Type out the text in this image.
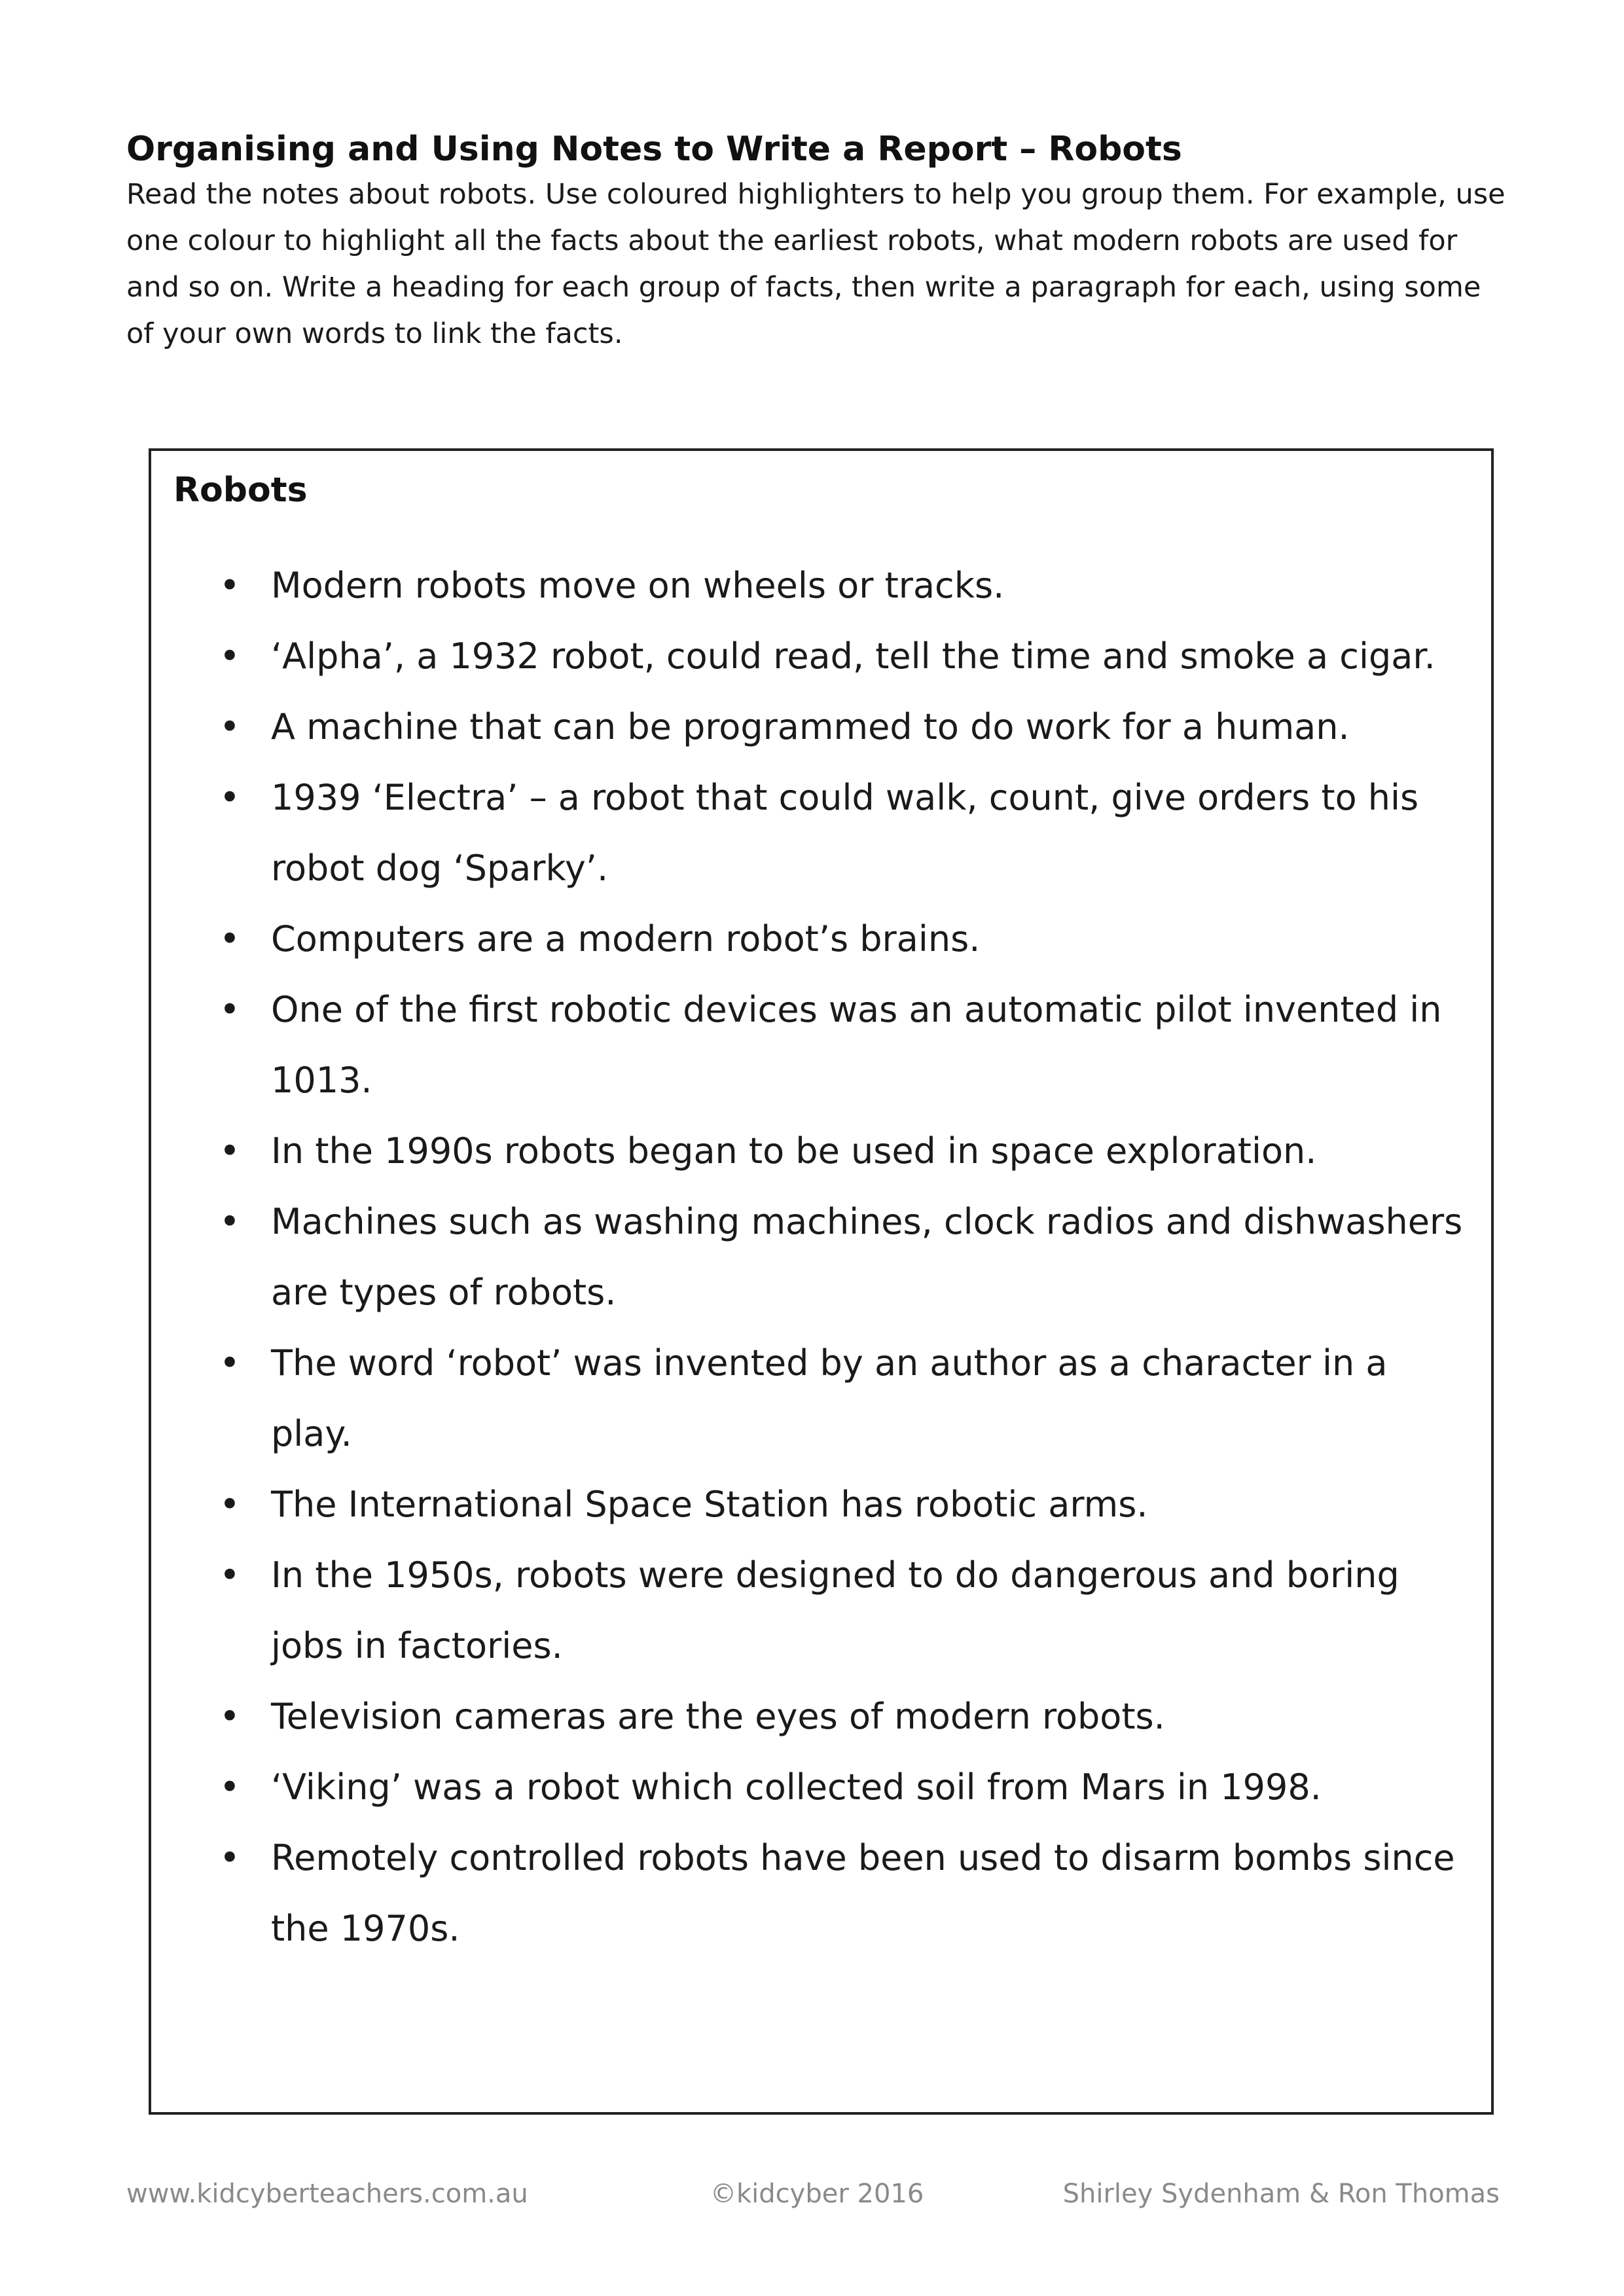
Organising and Using Notes to Write a Report – Robots

Read the notes about robots. Use coloured highlighters to help you group them. For example, use one colour to highlight all the facts about the earliest robots, what modern robots are used for and so on. Write a heading for each group of facts, then write a paragraph for each, using some of your own words to link the facts.

Robots
• Modern robots move on wheels or tracks.
• ‘Alpha’, a 1932 robot, could read, tell the time and smoke a cigar.
• A machine that can be programmed to do work for a human.
• 1939 ‘Electra’ – a robot that could walk, count, give orders to his robot dog ‘Sparky’.
• Computers are a modern robot’s brains.
• One of the first robotic devices was an automatic pilot invented in 1013.
• In the 1990s robots began to be used in space exploration.
• Machines such as washing machines, clock radios and dishwashers are types of robots.
• The word ‘robot’ was invented by an author as a character in a play.
• The International Space Station has robotic arms.
• In the 1950s, robots were designed to do dangerous and boring jobs in factories.
• Television cameras are the eyes of modern robots.
• ‘Viking’ was a robot which collected soil from Mars in 1998.
• Remotely controlled robots have been used to disarm bombs since the 1970s.

www.kidcyberteachers.com.au	©kidcyber 2016	Shirley Sydenham & Ron Thomas
